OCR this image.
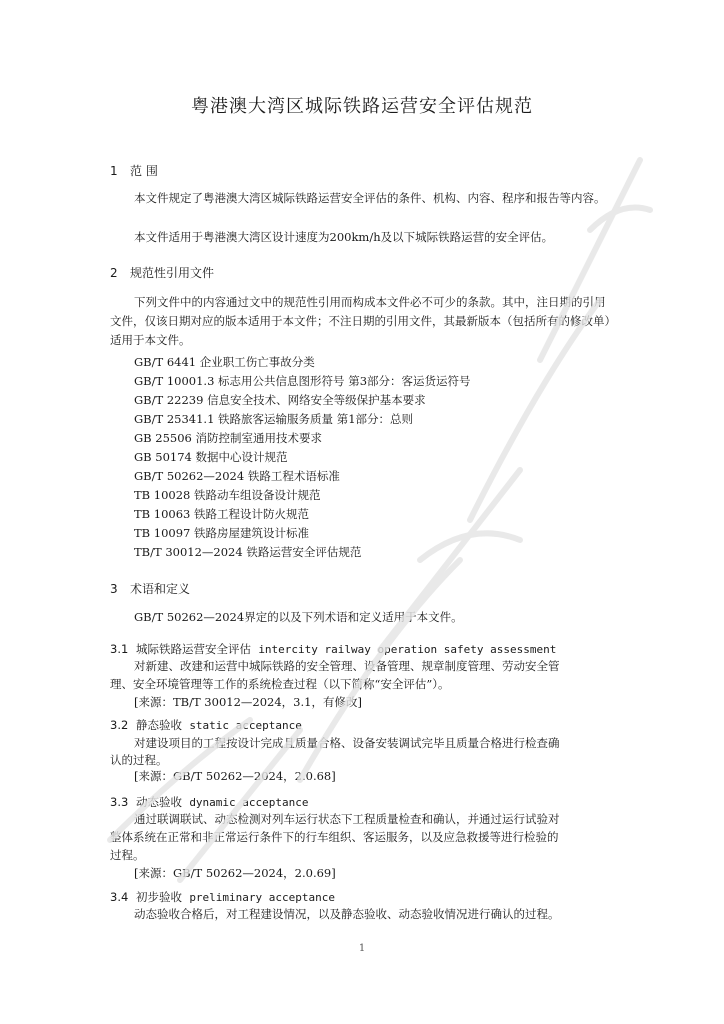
粤港澳大湾区城际铁路运营安全评估规范
1 范 围
本文件规定了粤港澳大湾区城际铁路运营安全评估的条件、机构、内容、程序和报告等内容。
本文件适用于粤港澳大湾区设计速度为200km/h及以下城际铁路运营的安全评估。
2 规范性引用文件
下列文件中的内容通过文中的规范性引用而构成本文件必不可少的条款。其中，注日期的引用文件，仅该日期对应的版本适用于本文件；不注日期的引用文件，其最新版本（包括所有的修改单）适用于本文件。
GB/T 6441 企业职工伤亡事故分类
GB/T 10001.3 标志用公共信息图形符号 第3部分：客运货运符号
GB/T 22239 信息安全技术、网络安全等级保护基本要求
GB/T 25341.1 铁路旅客运输服务质量 第1部分：总则
GB 25506 消防控制室通用技术要求
GB 50174 数据中心设计规范
GB/T 50262—2024 铁路工程术语标准
TB 10028 铁路动车组设备设计规范
TB 10063 铁路工程设计防火规范
TB 10097 铁路房屋建筑设计标准
TB/T 30012—2024 铁路运营安全评估规范
3 术语和定义
GB/T 50262—2024界定的以及下列术语和定义适用于本文件。
3.1 城际铁路运营安全评估 intercity railway operation safety assessment
对新建、改建和运营中城际铁路的安全管理、设备管理、规章制度管理、劳动安全管
理、安全环境管理等工作的系统检查过程（以下简称“安全评估”）。
[来源：TB/T 30012—2024，3.1，有修改]
3.2 静态验收 static acceptance
对建设项目的工程按设计完成且质量合格、设备安装调试完毕且质量合格进行检查确
认的过程。
[来源：GB/T 50262—2024，2.0.68]
3.3 动态验收 dynamic acceptance
通过联调联试、动态检测对列车运行状态下工程质量检查和确认，并通过运行试验对
整体系统在正常和非正常运行条件下的行车组织、客运服务，以及应急救援等进行检验的
过程。
[来源：GB/T 50262—2024，2.0.69]
3.4 初步验收 preliminary acceptance
动态验收合格后，对工程建设情况，以及静态验收、动态验收情况进行确认的过程。
1
